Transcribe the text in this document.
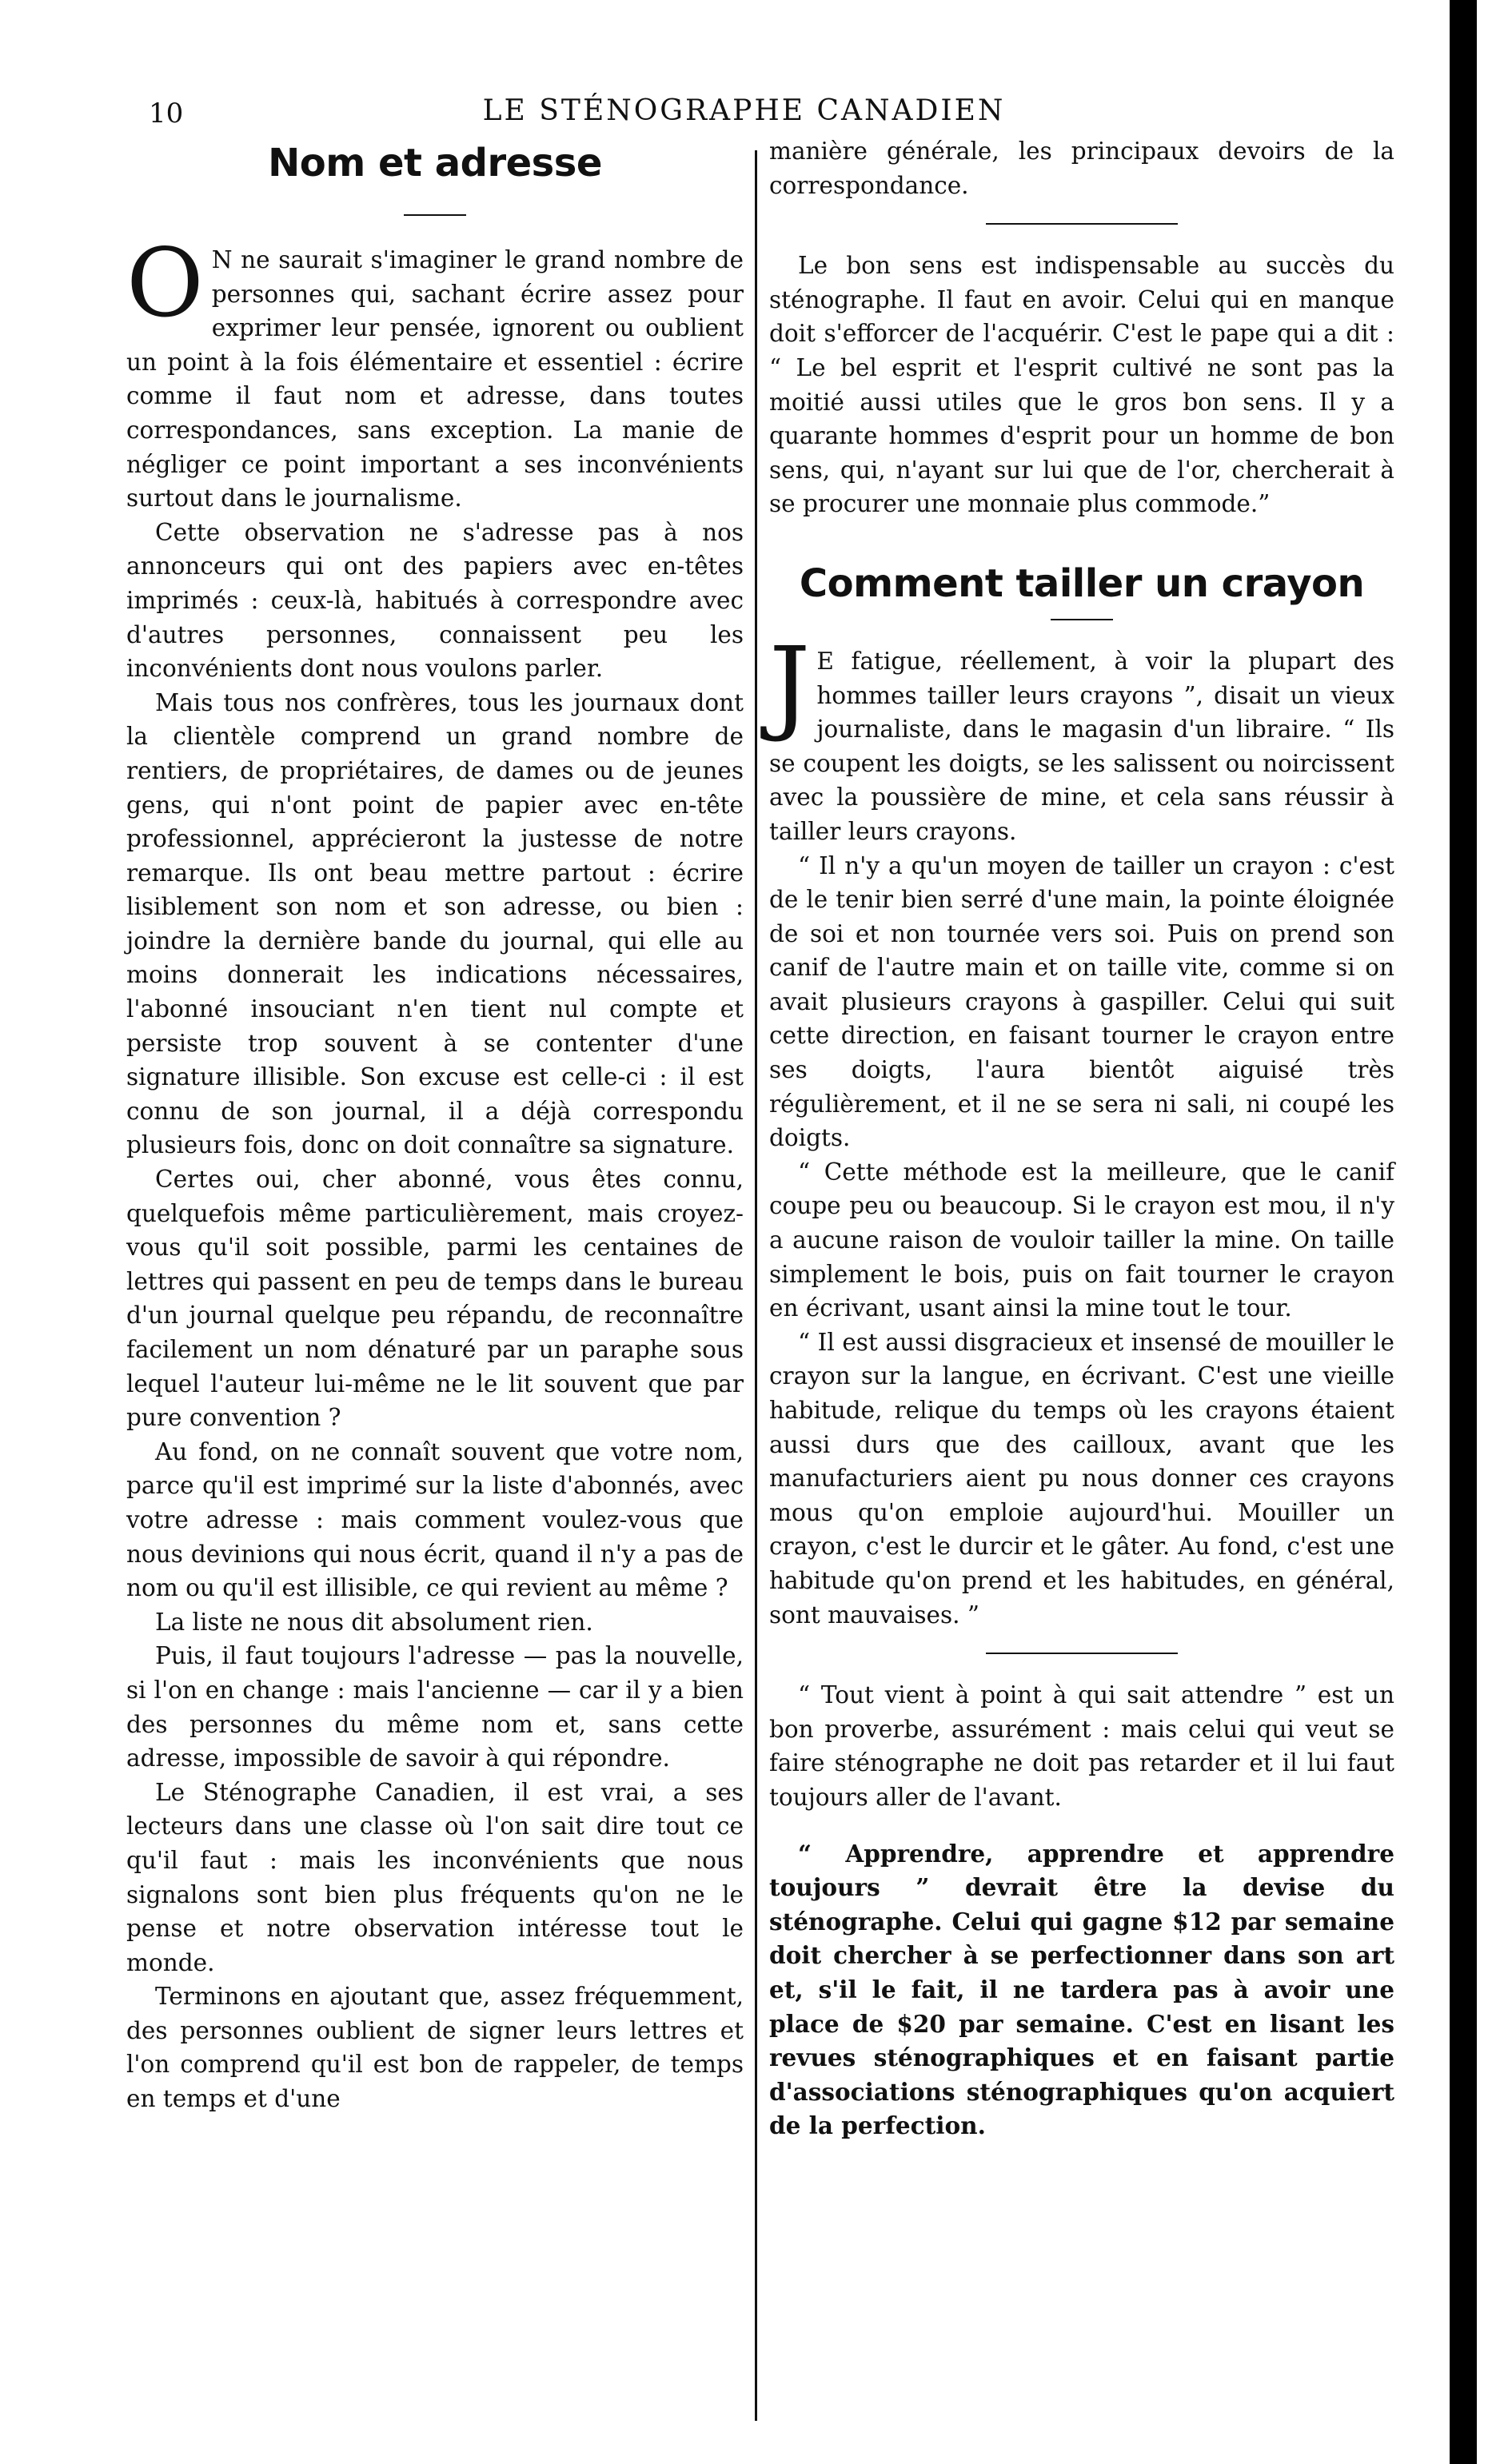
10	LE STÉNOGRAPHE CANADIEN
Nom et adresse

O N ne saurait s'imaginer le grand nombre de personnes qui, sachant écrire assez pour exprimer leur pensée, ignorent ou oublient un point à la fois élémentaire et essentiel : écrire comme il faut nom et adresse, dans toutes correspondances, sans exception. La manie de négliger ce point important a ses inconvénients surtout dans le journalisme.

Cette observation ne s'adresse pas à nos annonceurs qui ont des papiers avec en-têtes imprimés : ceux-là, habitués à correspondre avec d'autres personnes, connaissent peu les inconvénients dont nous voulons parler.

Mais tous nos confrères, tous les journaux dont la clientèle comprend un grand nombre de rentiers, de propriétaires, de dames ou de jeunes gens, qui n'ont point de papier avec en-tête professionnel, apprécieront la justesse de notre remarque. Ils ont beau mettre partout : écrire lisiblement son nom et son adresse, ou bien : joindre la dernière bande du journal, qui elle au moins donnerait les indications nécessaires, l'abonné insouciant n'en tient nul compte et persiste trop souvent à se contenter d'une signature illisible. Son excuse est celle-ci : il est connu de son journal, il a déjà correspondu plusieurs fois, donc on doit connaître sa signature.

Certes oui, cher abonné, vous êtes connu, quelquefois même particulièrement, mais croyez-vous qu'il soit possible, parmi les centaines de lettres qui passent en peu de temps dans le bureau d'un journal quelque peu répandu, de reconnaître facilement un nom dénaturé par un paraphe sous lequel l'auteur lui-même ne le lit souvent que par pure convention ?

Au fond, on ne connaît souvent que votre nom, parce qu'il est imprimé sur la liste d'abonnés, avec votre adresse : mais comment voulez-vous que nous devinions qui nous écrit, quand il n'y a pas de nom ou qu'il est illisible, ce qui revient au même ?

La liste ne nous dit absolument rien.

Puis, il faut toujours l'adresse — pas la nouvelle, si l'on en change : mais l'ancienne — car il y a bien des personnes du même nom et, sans cette adresse, impossible de savoir à qui répondre.

Le Sténographe Canadien, il est vrai, a ses lecteurs dans une classe où l'on sait dire tout ce qu'il faut : mais les inconvénients que nous signalons sont bien plus fréquents qu'on ne le pense et notre observation intéresse tout le monde.

Terminons en ajoutant que, assez fréquemment, des personnes oublient de signer leurs lettres et l'on comprend qu'il est bon de rappeler, de temps en temps et d'une

manière générale, les principaux devoirs de la correspondance.

Le bon sens est indispensable au succès du sténographe. Il faut en avoir. Celui qui en manque doit s'efforcer de l'acquérir. C'est le pape qui a dit : “ Le bel esprit et l'esprit cultivé ne sont pas la moitié aussi utiles que le gros bon sens. Il y a quarante hommes d'esprit pour un homme de bon sens, qui, n'ayant sur lui que de l'or, chercherait à se procurer une monnaie plus commode.”

Comment tailler un crayon

J E fatigue, réellement, à voir la plupart des hommes tailler leurs crayons ”, disait un vieux journaliste, dans le magasin d'un libraire. “ Ils se coupent les doigts, se les salissent ou noircissent avec la poussière de mine, et cela sans réussir à tailler leurs crayons.

“ Il n'y a qu'un moyen de tailler un crayon : c'est de le tenir bien serré d'une main, la pointe éloignée de soi et non tournée vers soi. Puis on prend son canif de l'autre main et on taille vite, comme si on avait plusieurs crayons à gaspiller. Celui qui suit cette direction, en faisant tourner le crayon entre ses doigts, l'aura bientôt aiguisé très régulièrement, et il ne se sera ni sali, ni coupé les doigts.

“ Cette méthode est la meilleure, que le canif coupe peu ou beaucoup. Si le crayon est mou, il n'y a aucune raison de vouloir tailler la mine. On taille simplement le bois, puis on fait tourner le crayon en écrivant, usant ainsi la mine tout le tour.

“ Il est aussi disgracieux et insensé de mouiller le crayon sur la langue, en écrivant. C'est une vieille habitude, relique du temps où les crayons étaient aussi durs que des cailloux, avant que les manufacturiers aient pu nous donner ces crayons mous qu'on emploie aujourd'hui. Mouiller un crayon, c'est le durcir et le gâter. Au fond, c'est une habitude qu'on prend et les habitudes, en général, sont mauvaises. ”

“ Tout vient à point à qui sait attendre ” est un bon proverbe, assurément : mais celui qui veut se faire sténographe ne doit pas retarder et il lui faut toujours aller de l'avant.

“ Apprendre, apprendre et apprendre toujours ” devrait être la devise du sténographe. Celui qui gagne $12 par semaine doit chercher à se perfectionner dans son art et, s'il le fait, il ne tardera pas à avoir une place de $20 par semaine. C'est en lisant les revues sténographiques et en faisant partie d'associations sténographiques qu'on acquiert de la perfection.
